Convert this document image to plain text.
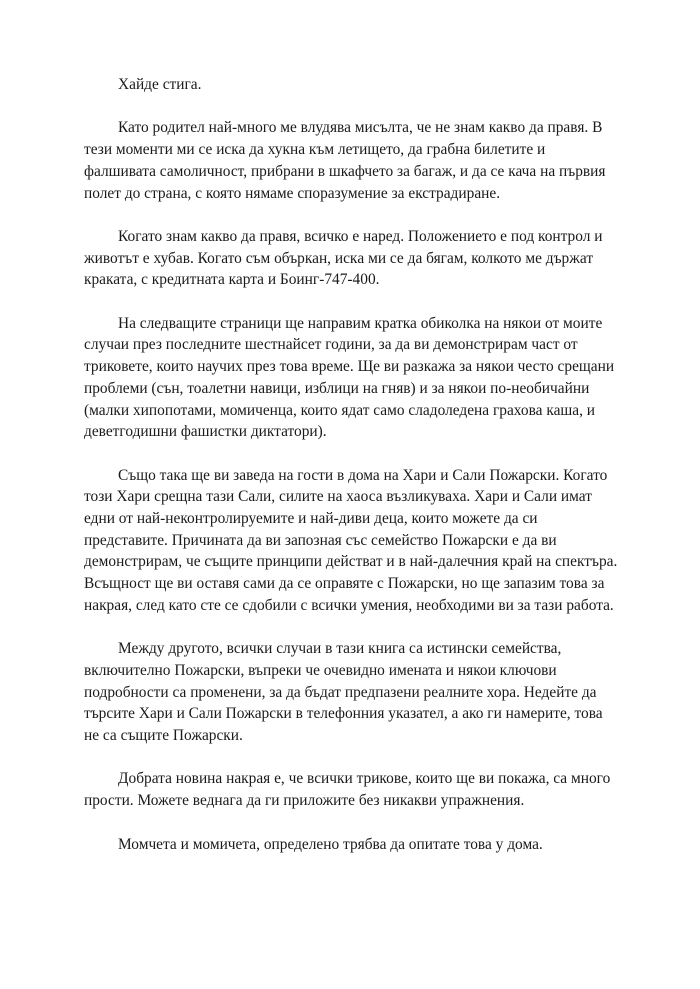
Хайде стига.

Като родител най-много ме влудява мисълта, че не знам какво да правя. В тези моменти ми се иска да хукна към летището, да грабна билетите и фалшивата самоличност, прибрани в шкафчето за багаж, и да се кача на първия полет до страна, с която нямаме споразумение за екстрадиране.

Когато знам какво да правя, всичко е наред. Положението е под контрол и животът е хубав. Когато съм объркан, искa ми се да бягам, колкото ме държат краката, с кредитната карта и Боинг-747-400.

На следващите страници ще направим кратка обиколка на някои от моите случаи през последните шестнайсет години, за да ви демонстрирам част от триковете, които научих през това време. Ще ви разкажа за някои често срещани проблеми (сън, тоалетни навици, изблици на гняв) и за някои по-необичайни (малки хипопотами, момиченца, които ядат само сладоледена грахова каша, и деветгодишни фашистки диктатори).

Също така ще ви заведа на гости в дома на Хари и Сали Пожарски. Когато този Хари срещна тази Сали, силите на хаоса възликуваха. Хари и Сали имат едни от най-неконтролируемите и най-диви деца, които можете да си представите. Причината да ви запозная със семейство Пожарски е да ви демонстрирам, че същите принципи действат и в най-далечния край на спектъра. Всъщност ще ви оставя сами да се оправяте с Пожарски, но ще запазим това за накрая, след като сте се сдобили с всички умения, необходими ви за тази работа.

Между другото, всички случаи в тази книга са истински семейства, включително Пожарски, въпреки че очевидно имената и някои ключови подробности са променени, за да бъдат предпазени реалните хора. Недейте да търсите Хари и Сали Пожарски в телефонния указател, а ако ги намерите, това не са същите Пожарски.

Добрата новина накрая е, че всички трикове, които ще ви покажа, са много прости. Можете веднага да ги приложите без никакви упражнения.

Момчета и момичета, определено трябва да опитате това у дома.
